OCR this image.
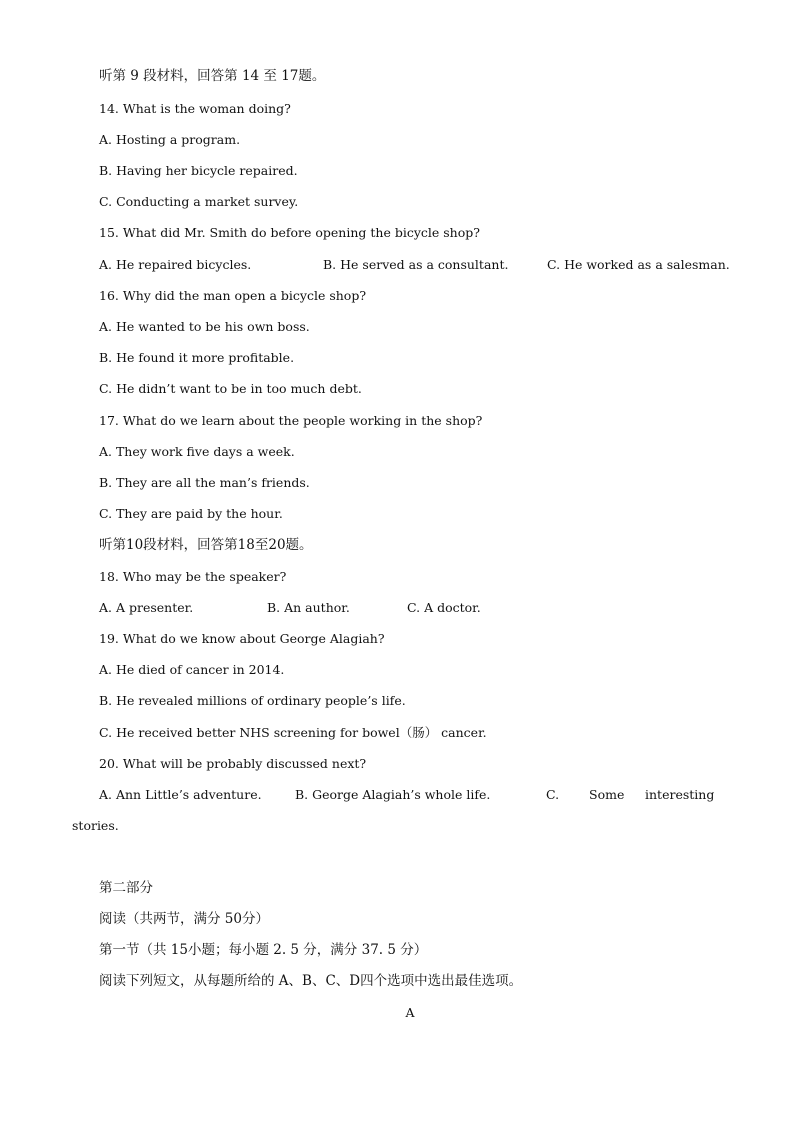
听第 9 段材料，回答第 14 至 17题。
14. What is the woman doing?
A. Hosting a program.
B. Having her bicycle repaired.
C. Conducting a market survey.
15. What did Mr. Smith do before opening the bicycle shop?
A. He repaired bicycles.	B. He served as a consultant.	C. He worked as a salesman.
16. Why did the man open a bicycle shop?
A. He wanted to be his own boss.
B. He found it more profitable.
C. He didn’t want to be in too much debt.
17. What do we learn about the people working in the shop?
A. They work five days a week.
B. They are all the man’s friends.
C. They are paid by the hour.
听第10段材料，回答第18至20题。
18. Who may be the speaker?
A. A presenter.	B. An author.	C. A doctor.
19. What do we know about George Alagiah?
A. He died of cancer in 2014.
B. He revealed millions of ordinary people’s life.
C. He received better NHS screening for bowel（肠） cancer.
20. What will be probably discussed next?
A. Ann Little’s adventure.	B. George Alagiah’s whole life.	C. Some interesting
stories.
第二部分
阅读（共两节，满分 50分）
第一节（共 15小题；每小题 2. 5 分，满分 37. 5 分）
阅读下列短文，从每题所给的 A、B、C、D四个选项中选出最佳选项。
A
